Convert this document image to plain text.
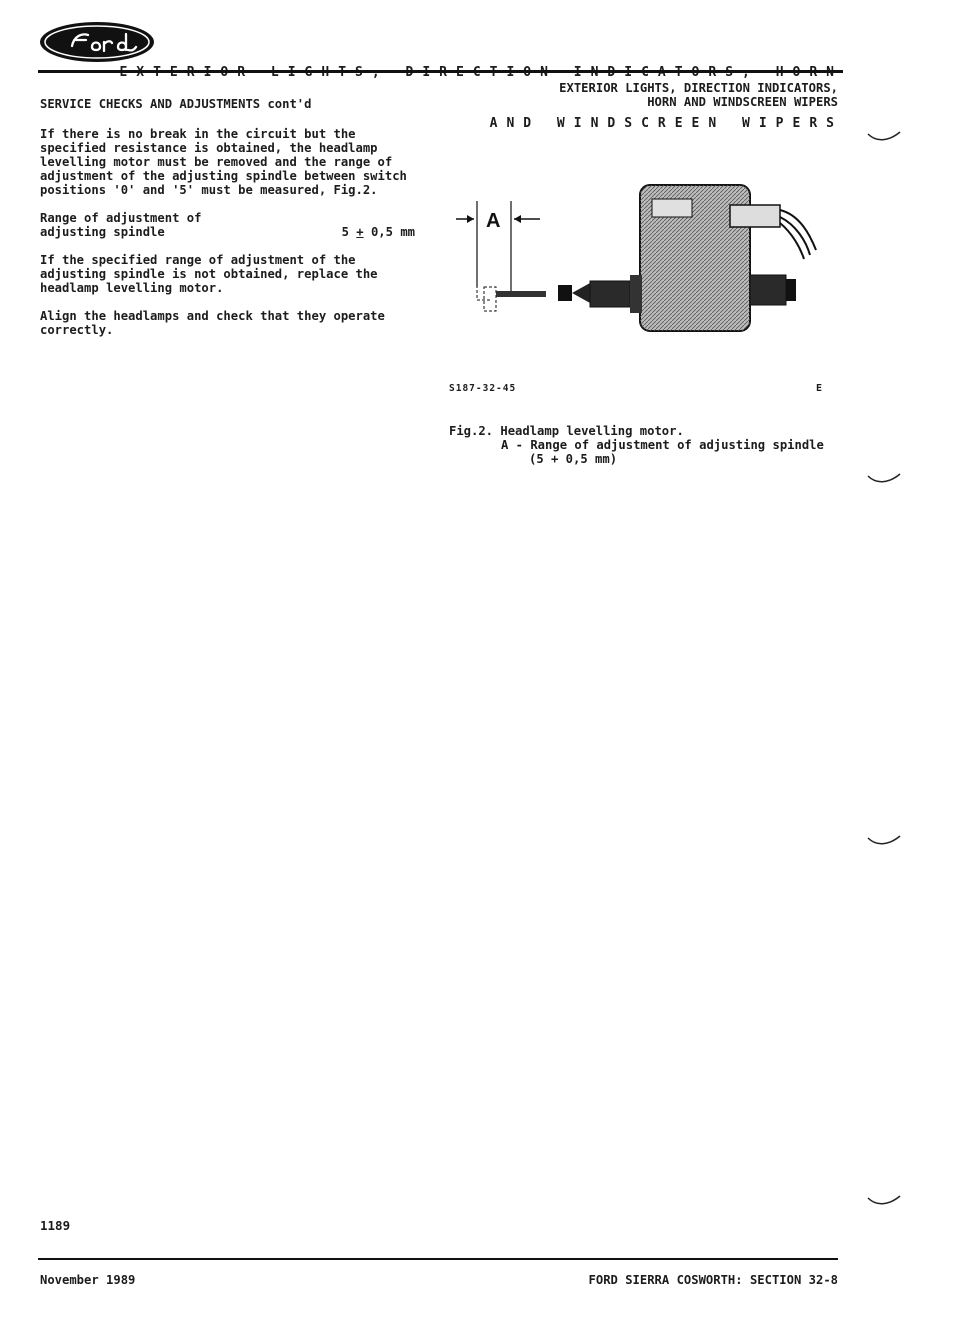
AND WINDSCREEN WIPERS

SERVICE CHECKS AND ADJUSTMENTS cont'd

If there is no break in the circuit but the specified resistance is obtained, the headlamp levelling motor must be removed and the range of adjustment of the adjusting spindle between switch positions '0' and '5' must be measured, Fig.2.

Range of adjustment of
adjusting spindle	5 + 0,5 mm

If the specified range of adjustment of the adjusting spindle is not obtained, replace the headlamp levelling motor.

Align the headlamps and check that they operate correctly.

EXTERIOR LIGHTS, DIRECTION INDICATORS,
HORN AND WINDSCREEN WIPERS
A
S187-32-45	E
Fig.2. Headlamp levelling motor.
A - Range of adjustment of adjusting spindle
(5 + 0,5 mm)
1189
November 1989	FORD SIERRA COSWORTH: SECTION 32-8
